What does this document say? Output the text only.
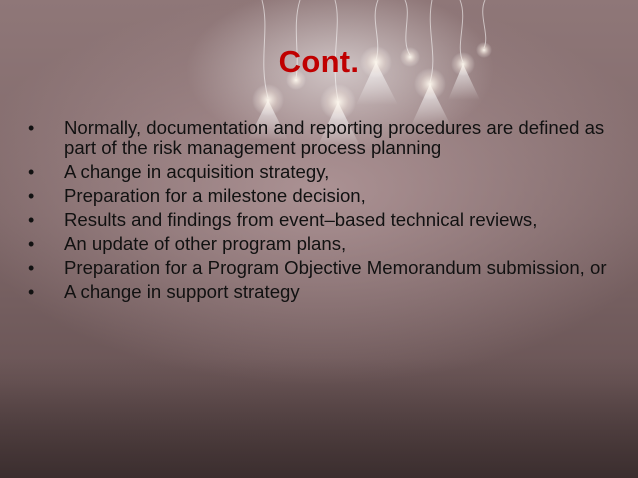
Cont.
• Normally, documentation and reporting procedures are defined as part of the risk management process planning
• A change in acquisition strategy,
• Preparation for a milestone decision,
• Results and findings from event–based technical reviews,
• An update of other program plans,
• Preparation for a Program Objective Memorandum submission, or
• A change in support strategy
